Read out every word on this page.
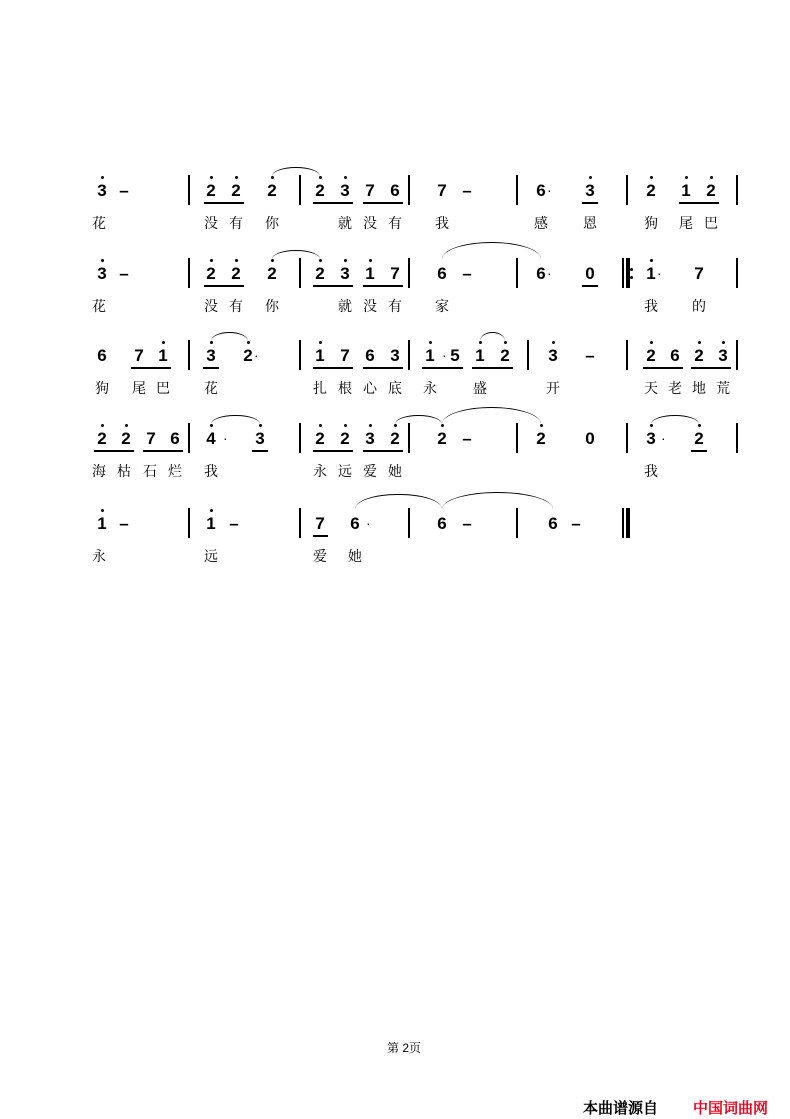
3 –	2 2 2 2 3 7 6 7 –	6 3	2 1 2
·
花	没 有 你	就 没 有 我	感	恩	狗 尾 巴
3 –	2 2 2 2 3 1 7 6 –	6 0	1 7
·	·
花	没 有 你	就 没 有 家	我 的
6 7 1 3 2	1 7 6 3 1 5 1 2 3 –	2 6 2 3
·	·
狗 尾 巴 花	扎 根 心 底 永	盛	开	天 老 地 荒
2 2 7 6 4 3	2 2 3 2 2 –	2 0	3 2
·	·
海 枯 石 烂 我	永 远 爱 她	我
1 –	1 –	7 6	6 –	6 –
·
永	远	爱 她
第 2页
本曲谱源自 中国词曲网
